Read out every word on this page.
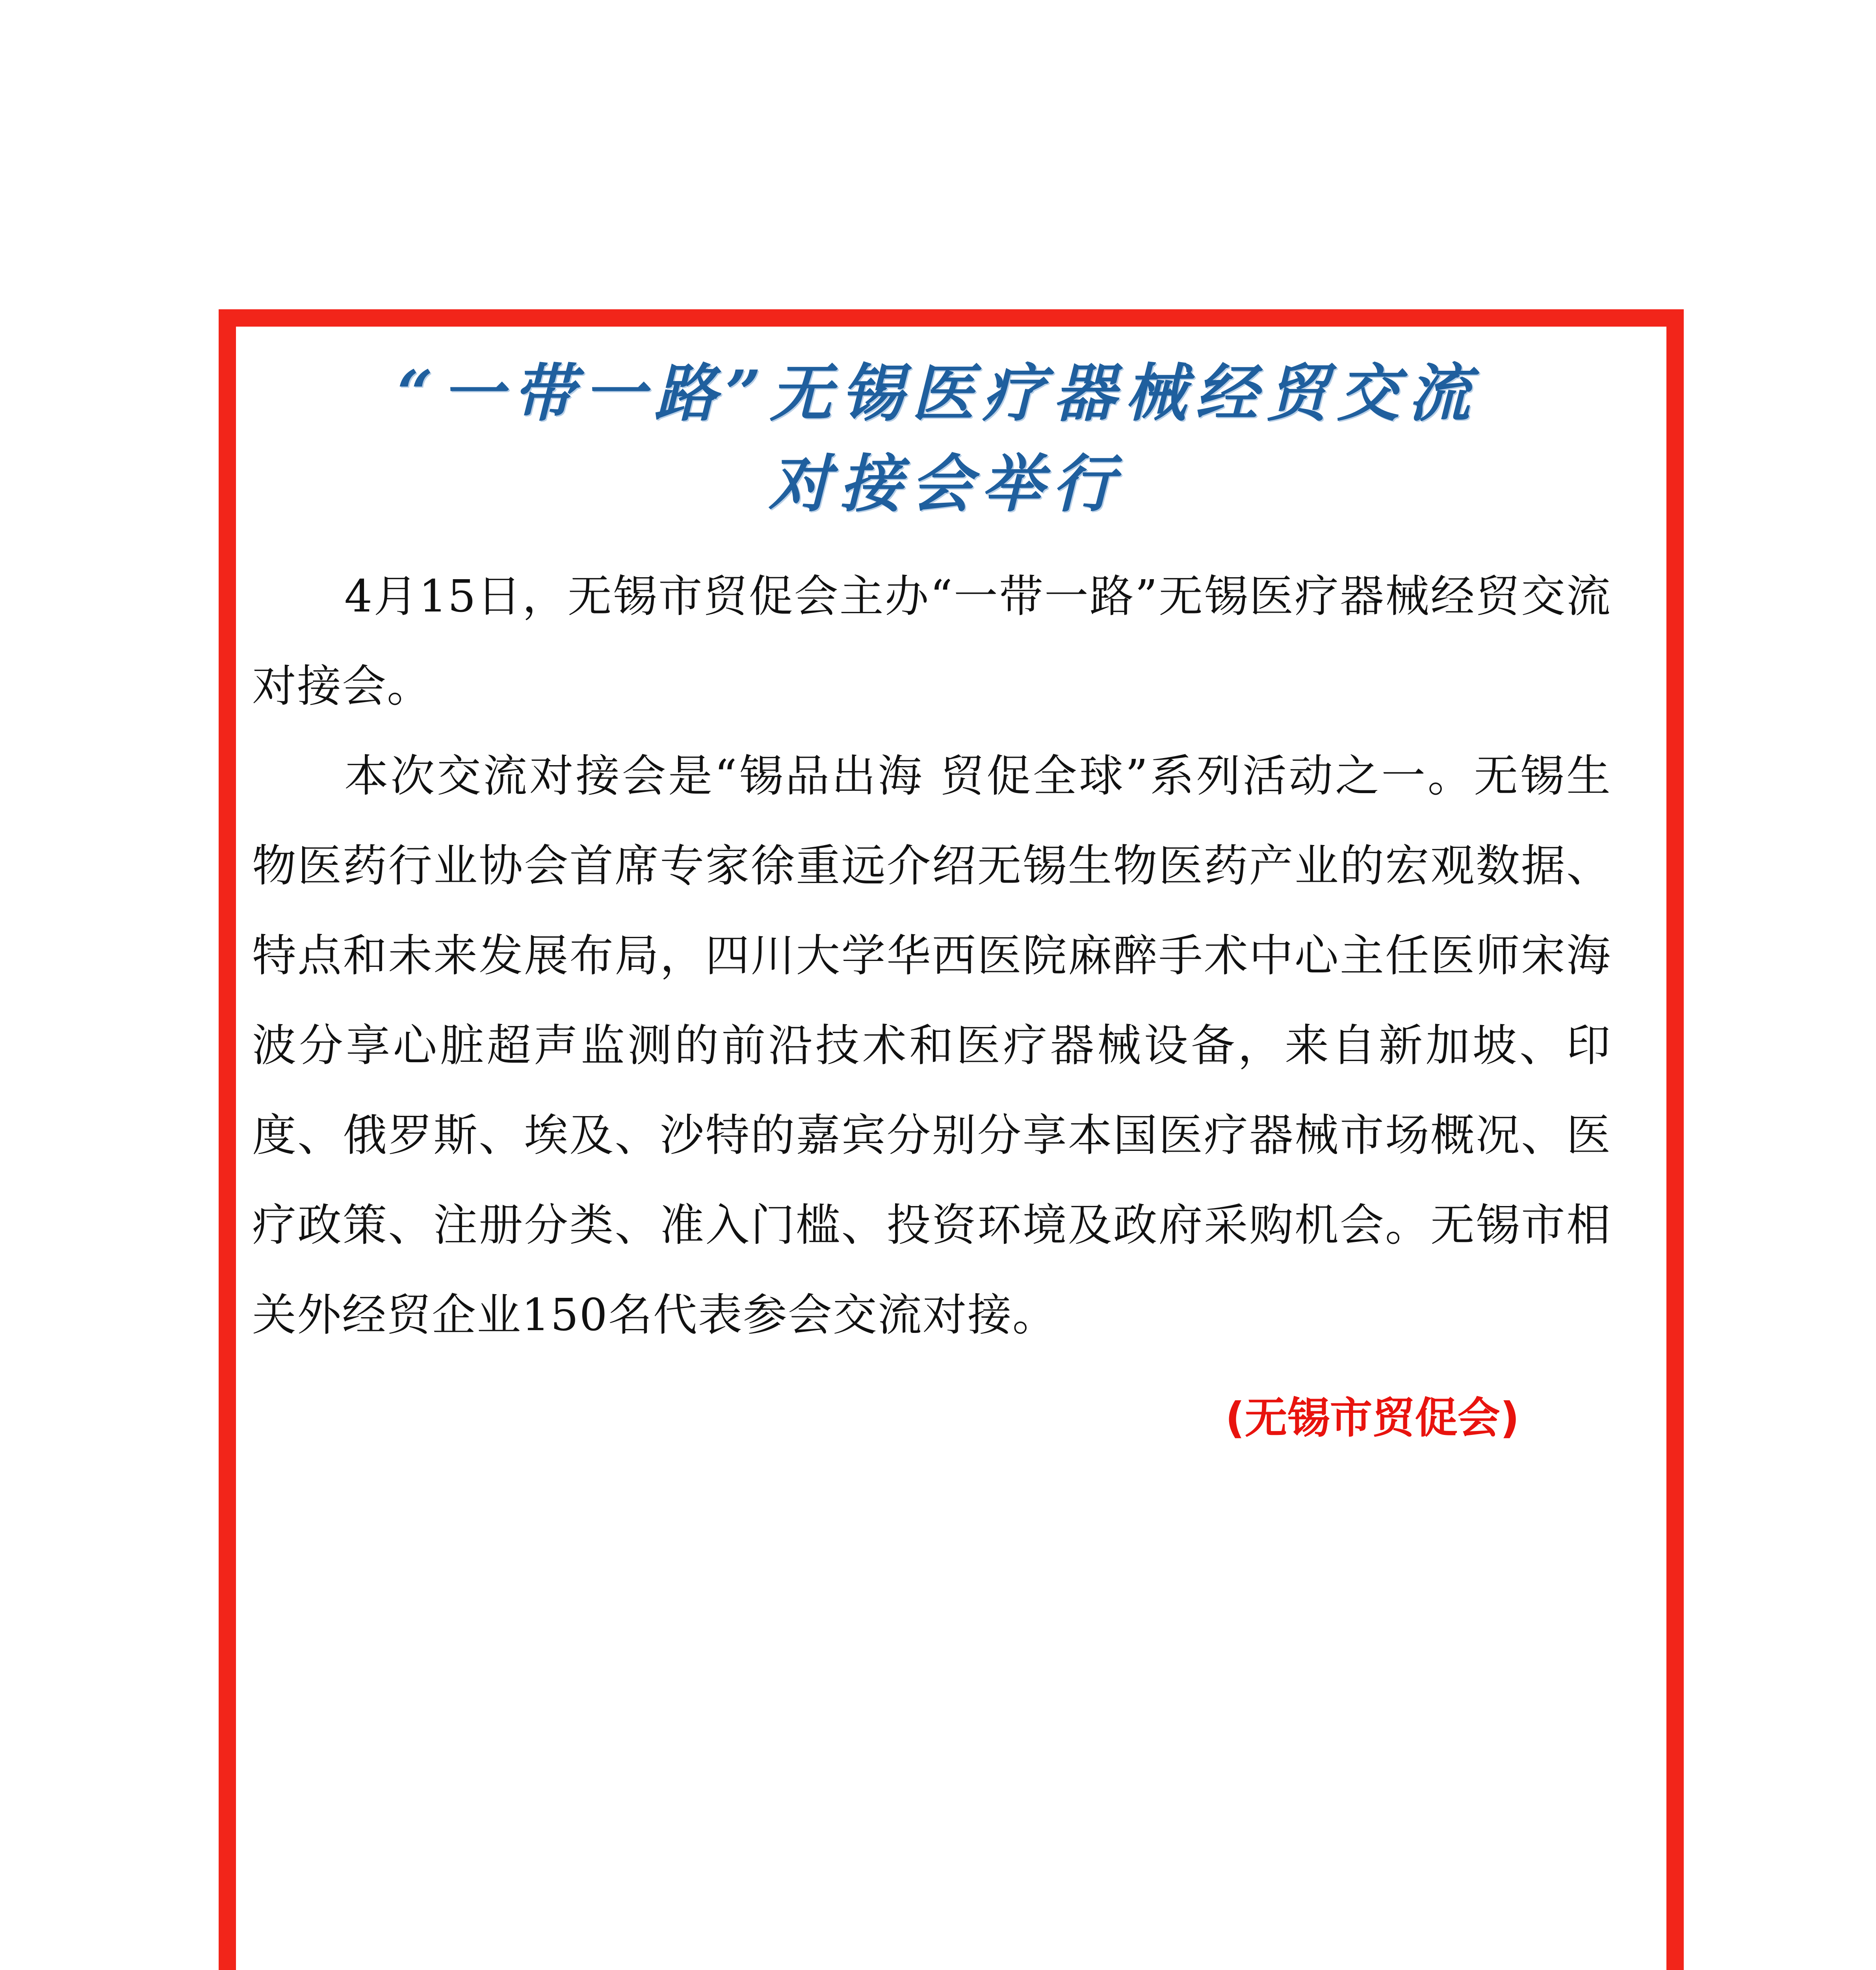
“一带一路”无锡医疗器械经贸交流
对接会举行

4月15日，无锡市贸促会主办“一带一路”无锡医疗器械经贸交流对接会。

本次交流对接会是“锡品出海 贸促全球”系列活动之一。无锡生物医药行业协会首席专家徐重远介绍无锡生物医药产业的宏观数据、特点和未来发展布局，四川大学华西医院麻醉手术中心主任医师宋海波分享心脏超声监测的前沿技术和医疗器械设备，来自新加坡、印度、俄罗斯、埃及、沙特的嘉宾分别分享本国医疗器械市场概况、医疗政策、注册分类、准入门槛、投资环境及政府采购机会。无锡市相关外经贸企业150名代表参会交流对接。

(无锡市贸促会)
